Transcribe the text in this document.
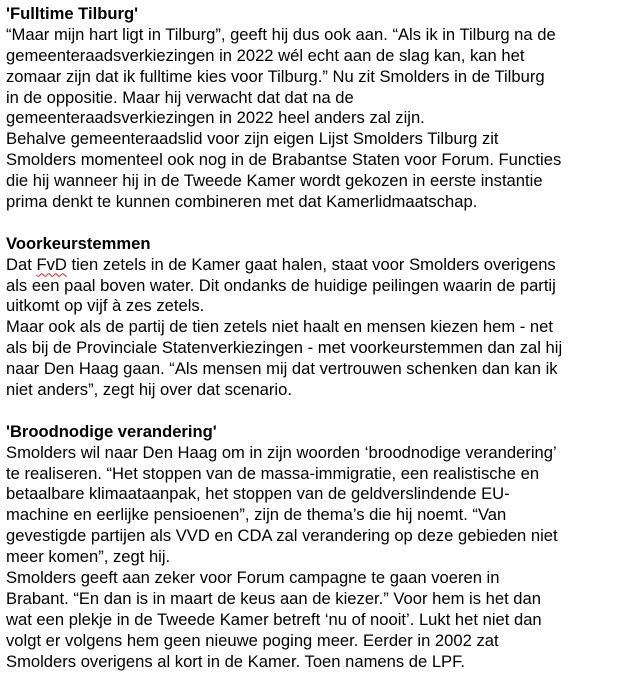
'Fulltime Tilburg'
“Maar mijn hart ligt in Tilburg”, geeft hij dus ook aan. “Als ik in Tilburg na de
gemeenteraadsverkiezingen in 2022 wél echt aan de slag kan, kan het
zomaar zijn dat ik fulltime kies voor Tilburg.” Nu zit Smolders in de Tilburg
in de oppositie. Maar hij verwacht dat dat na de
gemeenteraadsverkiezingen in 2022 heel anders zal zijn.
Behalve gemeenteraadslid voor zijn eigen Lijst Smolders Tilburg zit
Smolders momenteel ook nog in de Brabantse Staten voor Forum. Functies
die hij wanneer hij in de Tweede Kamer wordt gekozen in eerste instantie
prima denkt te kunnen combineren met dat Kamerlidmaatschap.
Voorkeurstemmen
Dat FvD tien zetels in de Kamer gaat halen, staat voor Smolders overigens
als een paal boven water. Dit ondanks de huidige peilingen waarin de partij
uitkomt op vijf à zes zetels.
Maar ook als de partij de tien zetels niet haalt en mensen kiezen hem - net
als bij de Provinciale Statenverkiezingen - met voorkeurstemmen dan zal hij
naar Den Haag gaan. “Als mensen mij dat vertrouwen schenken dan kan ik
niet anders”, zegt hij over dat scenario.
'Broodnodige verandering'
Smolders wil naar Den Haag om in zijn woorden ‘broodnodige verandering’
te realiseren. “Het stoppen van de massa-immigratie, een realistische en
betaalbare klimaataanpak, het stoppen van de geldverslindende EU-
machine en eerlijke pensioenen”, zijn de thema’s die hij noemt. “Van
gevestigde partijen als VVD en CDA zal verandering op deze gebieden niet
meer komen”, zegt hij.
Smolders geeft aan zeker voor Forum campagne te gaan voeren in
Brabant. “En dan is in maart de keus aan de kiezer.” Voor hem is het dan
wat een plekje in de Tweede Kamer betreft ‘nu of nooit’. Lukt het niet dan
volgt er volgens hem geen nieuwe poging meer. Eerder in 2002 zat
Smolders overigens al kort in de Kamer. Toen namens de LPF.
